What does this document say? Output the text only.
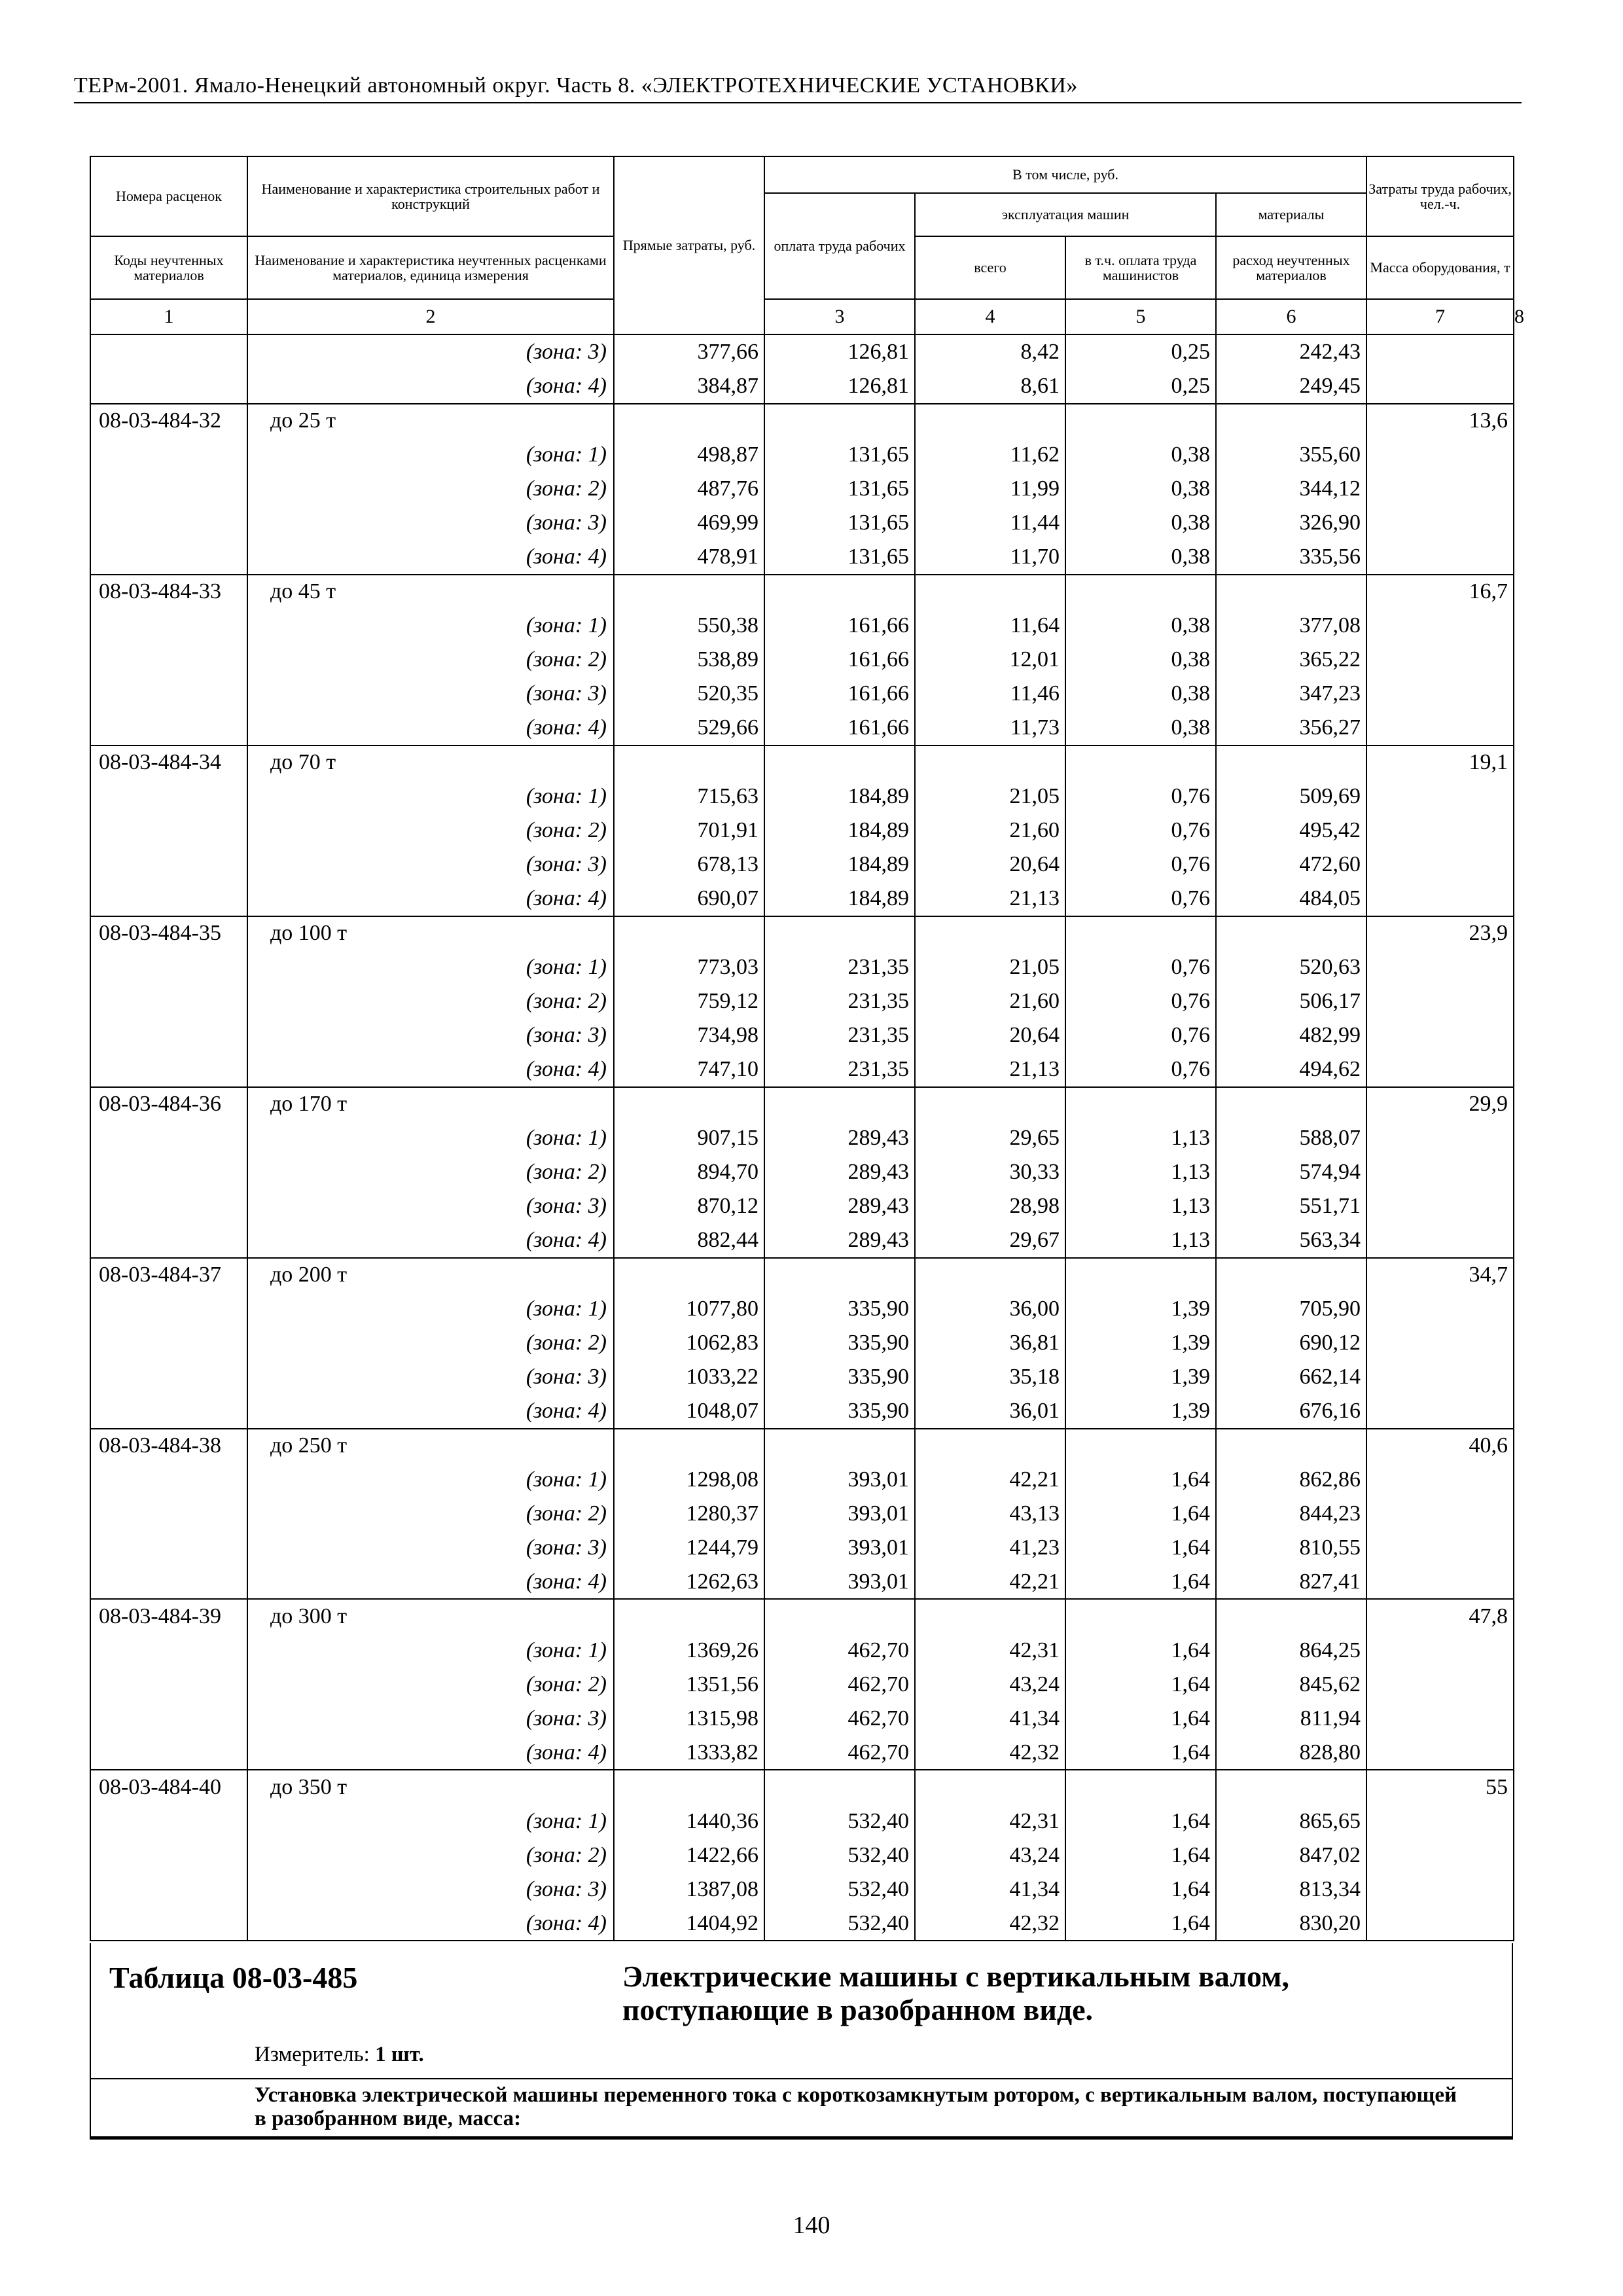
ТЕРм-2001. Ямало-Ненецкий автономный округ. Часть 8. «ЭЛЕКТРОТЕХНИЧЕСКИЕ УСТАНОВКИ»
Номера расценок	Наименование и характеристика строительных работ и конструкций	Прямые затраты, руб.	В том числе, руб.				Затраты труда рабочих, чел.-ч.	
			оплата труда рабочих	эксплуатация машин		материалы		
Коды неучтенных материалов	Наименование и характеристика неучтенных расценками материалов, единица измерения			всего	в т.ч. оплата труда машинистов	расход неучтенных материалов	Масса оборудования, т	
1	2		3	4	5	6	7	8
	(зона: 3)	377,66	126,81	8,42	0,25	242,43		
	(зона: 4)	384,87	126,81	8,61	0,25	249,45		
08-03-484-32	до 25 т						13,6	
	(зона: 1)	498,87	131,65	11,62	0,38	355,60		
	(зона: 2)	487,76	131,65	11,99	0,38	344,12		
	(зона: 3)	469,99	131,65	11,44	0,38	326,90		
	(зона: 4)	478,91	131,65	11,70	0,38	335,56		
08-03-484-33	до 45 т						16,7	
	(зона: 1)	550,38	161,66	11,64	0,38	377,08		
	(зона: 2)	538,89	161,66	12,01	0,38	365,22		
	(зона: 3)	520,35	161,66	11,46	0,38	347,23		
	(зона: 4)	529,66	161,66	11,73	0,38	356,27		
08-03-484-34	до 70 т						19,1	
	(зона: 1)	715,63	184,89	21,05	0,76	509,69		
	(зона: 2)	701,91	184,89	21,60	0,76	495,42		
	(зона: 3)	678,13	184,89	20,64	0,76	472,60		
	(зона: 4)	690,07	184,89	21,13	0,76	484,05		
08-03-484-35	до 100 т						23,9	
	(зона: 1)	773,03	231,35	21,05	0,76	520,63		
	(зона: 2)	759,12	231,35	21,60	0,76	506,17		
	(зона: 3)	734,98	231,35	20,64	0,76	482,99		
	(зона: 4)	747,10	231,35	21,13	0,76	494,62		
08-03-484-36	до 170 т						29,9	
	(зона: 1)	907,15	289,43	29,65	1,13	588,07		
	(зона: 2)	894,70	289,43	30,33	1,13	574,94		
	(зона: 3)	870,12	289,43	28,98	1,13	551,71		
	(зона: 4)	882,44	289,43	29,67	1,13	563,34		
08-03-484-37	до 200 т						34,7	
	(зона: 1)	1077,80	335,90	36,00	1,39	705,90		
	(зона: 2)	1062,83	335,90	36,81	1,39	690,12		
	(зона: 3)	1033,22	335,90	35,18	1,39	662,14		
	(зона: 4)	1048,07	335,90	36,01	1,39	676,16		
08-03-484-38	до 250 т						40,6	
	(зона: 1)	1298,08	393,01	42,21	1,64	862,86		
	(зона: 2)	1280,37	393,01	43,13	1,64	844,23		
	(зона: 3)	1244,79	393,01	41,23	1,64	810,55		
	(зона: 4)	1262,63	393,01	42,21	1,64	827,41		
08-03-484-39	до 300 т						47,8	
	(зона: 1)	1369,26	462,70	42,31	1,64	864,25		
	(зона: 2)	1351,56	462,70	43,24	1,64	845,62		
	(зона: 3)	1315,98	462,70	41,34	1,64	811,94		
	(зона: 4)	1333,82	462,70	42,32	1,64	828,80		
08-03-484-40	до 350 т						55	
	(зона: 1)	1440,36	532,40	42,31	1,64	865,65		
	(зона: 2)	1422,66	532,40	43,24	1,64	847,02		
	(зона: 3)	1387,08	532,40	41,34	1,64	813,34		
	(зона: 4)	1404,92	532,40	42,32	1,64	830,20		
Таблица 08-03-485	Электрические машины с вертикальным валом, поступающие в разобранном виде.
Измеритель: 1 шт.
Установка электрической машины переменного тока с короткозамкнутым ротором, с вертикальным валом, поступающей в разобранном виде, масса:
140
